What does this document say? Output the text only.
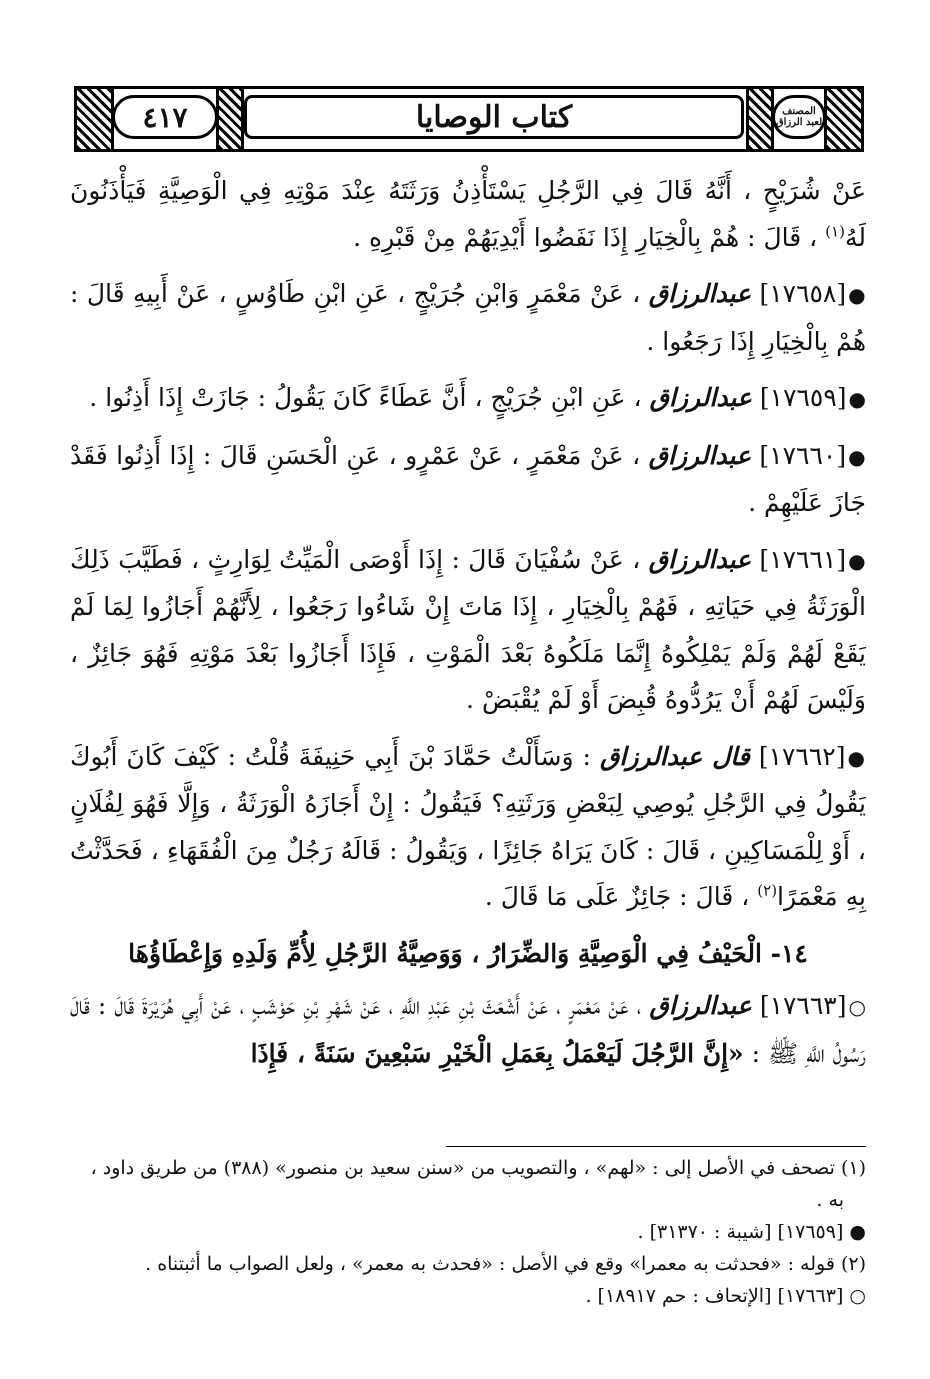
٤١٧	كتاب الوصايا	المصنف لعبد الرزاق

عَنْ شُرَيْحٍ ، أَنَّهُ قَالَ فِي الرَّجُلِ يَسْتَأْذِنُ وَرَثَتَهُ عِنْدَ مَوْتِهِ فِي الْوَصِيَّةِ فَيَأْذَنُونَ لَهُ$^{(١)}$ ، قَالَ : هُمْ بِالْخِيَارِ إِذَا نَفَضُوا أَيْدِيَهُمْ مِنْ قَبْرِهِ .

●[١٧٦٥٨] عبدالرزاق ، عَنْ مَعْمَرٍ وَابْنِ جُرَيْجٍ ، عَنِ ابْنِ طَاوُسٍ ، عَنْ أَبِيهِ قَالَ : هُمْ بِالْخِيَارِ إِذَا رَجَعُوا .

●[١٧٦٥٩] عبدالرزاق ، عَنِ ابْنِ جُرَيْجٍ ، أَنَّ عَطَاءً كَانَ يَقُولُ : جَازَتْ إِذَا أَذِنُوا .

●[١٧٦٦٠] عبدالرزاق ، عَنْ مَعْمَرٍ ، عَنْ عَمْرٍو ، عَنِ الْحَسَنِ قَالَ : إِذَا أَذِنُوا فَقَدْ جَازَ عَلَيْهِمْ .

●[١٧٦٦١] عبدالرزاق ، عَنْ سُفْيَانَ قَالَ : إِذَا أَوْصَى الْمَيِّتُ لِوَارِثٍ ، فَطَيَّبَ ذَلِكَ الْوَرَثَةُ فِي حَيَاتِهِ ، فَهُمْ بِالْخِيَارِ ، إِذَا مَاتَ إِنْ شَاءُوا رَجَعُوا ، لِأَنَّهُمْ أَجَازُوا لِمَا لَمْ يَقَعْ لَهُمْ وَلَمْ يَمْلِكُوهُ إِنَّمَا مَلَكُوهُ بَعْدَ الْمَوْتِ ، فَإِذَا أَجَازُوا بَعْدَ مَوْتِهِ فَهُوَ جَائِزٌ ، وَلَيْسَ لَهُمْ أَنْ يَرُدُّوهُ قُبِضَ أَوْ لَمْ يُقْبَضْ .

●[١٧٦٦٢] قال عبدالرزاق : وَسَأَلْتُ حَمَّادَ بْنَ أَبِي حَنِيفَةَ قُلْتُ : كَيْفَ كَانَ أَبُوكَ يَقُولُ فِي الرَّجُلِ يُوصِي لِبَعْضِ وَرَثَتِهِ؟ فَيَقُولُ : إِنْ أَجَازَهُ الْوَرَثَةُ ، وَإِلَّا فَهُوَ لِفُلَانٍ ، أَوْ لِلْمَسَاكِينِ ، قَالَ : كَانَ يَرَاهُ جَائِزًا ، وَيَقُولُ : قَالَهُ رَجُلٌ مِنَ الْفُقَهَاءِ ، فَحَدَّثْتُ بِهِ مَعْمَرًا$^{(٢)}$ ، قَالَ : جَائِزٌ عَلَى مَا قَالَ .

١٤- الْحَيْفُ فِي الْوَصِيَّةِ وَالضِّرَارُ ، وَوَصِيَّةُ الرَّجُلِ لِأُمِّ وَلَدِهِ وَإِعْطَاؤُهَا

○[١٧٦٦٣] عبدالرزاق ، عَنْ مَعْمَرٍ ، عَنْ أَشْعَثَ بْنِ عَبْدِ اللَّهِ ، عَنْ شَهْرِ بْنِ حَوْشَبٍ ، عَنْ أَبِي هُرَيْرَةَ قَالَ : قَالَ رَسُولُ اللَّهِ ﷺ : «إِنَّ الرَّجُلَ لَيَعْمَلُ بِعَمَلِ الْخَيْرِ سَبْعِينَ سَنَةً ، فَإِذَا

(١) تصحف في الأصل إلى : «لهم» ، والتصويب من «سنن سعيد بن منصور» (٣٨٨) من طريق داود ،

به .

● [١٧٦٥٩] [شيبة : ٣١٣٧٠] .

(٢) قوله : «فحدثت به معمرا» وقع في الأصل : «فحدث به معمر» ، ولعل الصواب ما أثبتناه .

○ [١٧٦٦٣] [الإتحاف : حم ١٨٩١٧] .
